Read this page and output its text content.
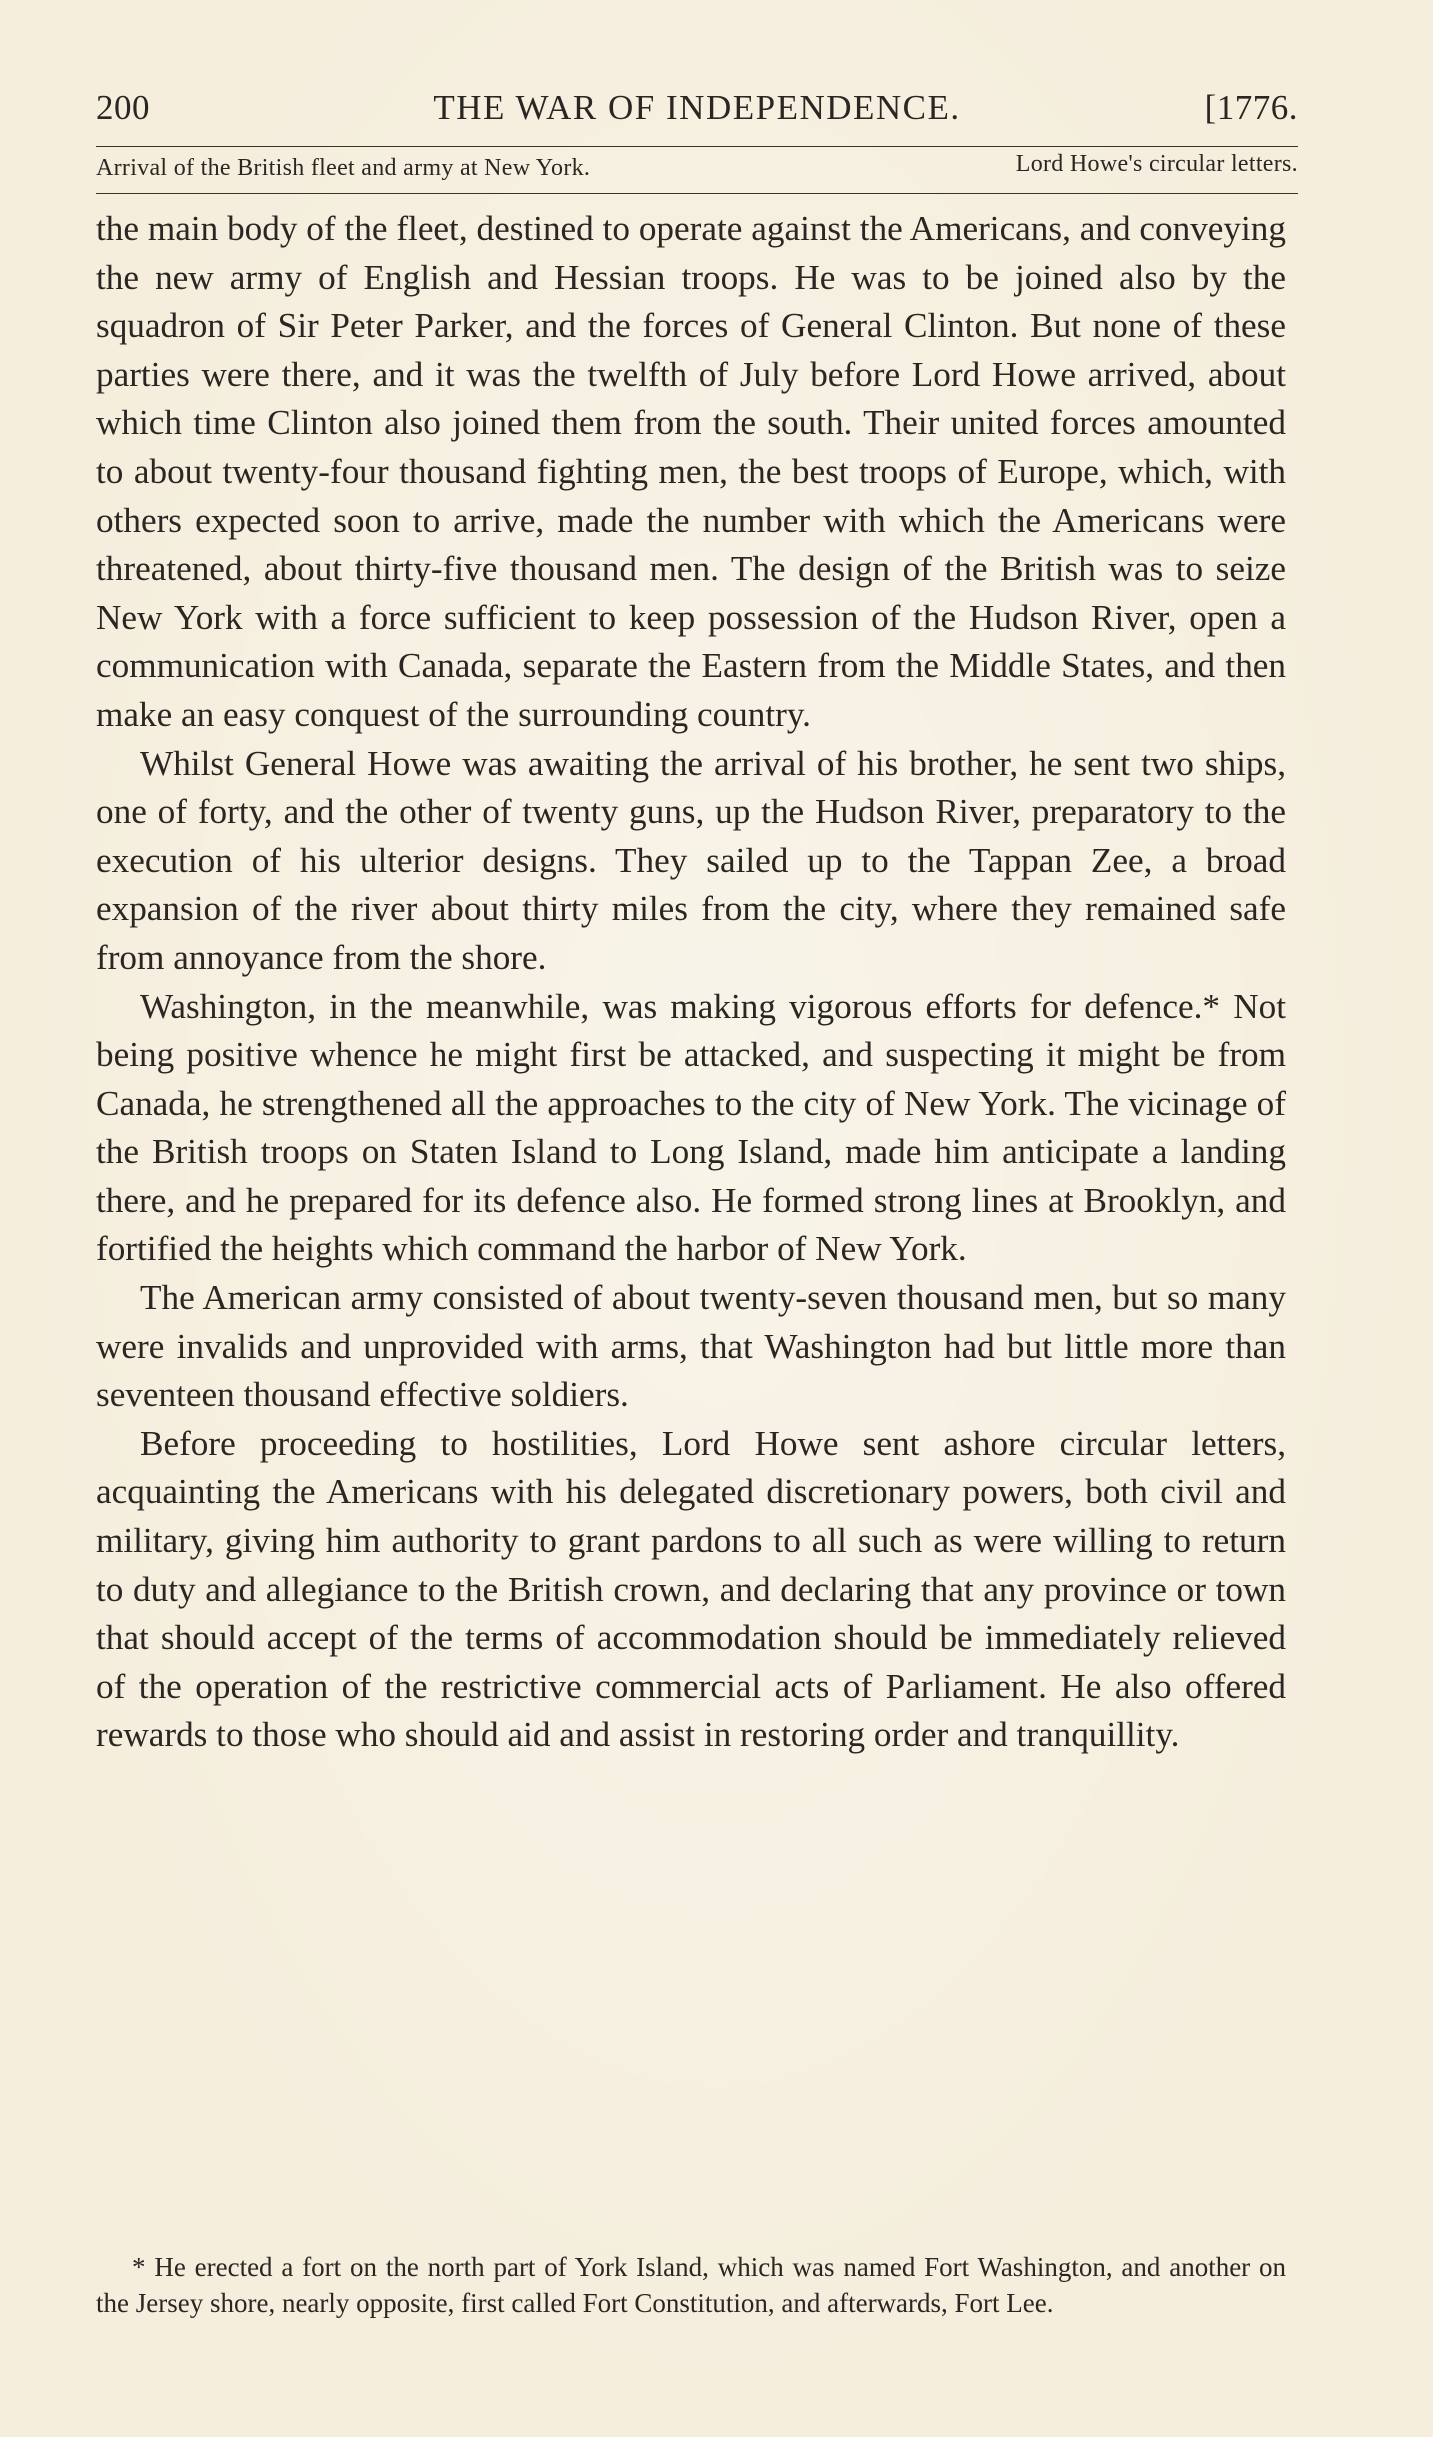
200	THE WAR OF INDEPENDENCE.	[1776.
Arrival of the British fleet and army at New York.	Lord Howe's circular letters.

the main body of the fleet, destined to operate against the Americans, and conveying the new army of English and Hessian troops. He was to be joined also by the squadron of Sir Peter Parker, and the forces of General Clinton. But none of these parties were there, and it was the twelfth of July before Lord Howe arrived, about which time Clinton also joined them from the south. Their united forces amounted to about twenty-four thousand fighting men, the best troops of Europe, which, with others expected soon to arrive, made the number with which the Americans were threatened, about thirty-five thousand men. The design of the British was to seize New York with a force sufficient to keep possession of the Hudson River, open a communication with Canada, separate the Eastern from the Middle States, and then make an easy conquest of the surrounding country.

Whilst General Howe was awaiting the arrival of his brother, he sent two ships, one of forty, and the other of twenty guns, up the Hudson River, preparatory to the execution of his ulterior designs. They sailed up to the Tappan Zee, a broad expansion of the river about thirty miles from the city, where they remained safe from annoyance from the shore.

Washington, in the meanwhile, was making vigorous efforts for defence.* Not being positive whence he might first be attacked, and suspecting it might be from Canada, he strengthened all the approaches to the city of New York. The vicinage of the British troops on Staten Island to Long Island, made him anticipate a landing there, and he prepared for its defence also. He formed strong lines at Brooklyn, and fortified the heights which command the harbor of New York.

The American army consisted of about twenty-seven thousand men, but so many were invalids and unprovided with arms, that Washington had but little more than seventeen thousand effective soldiers.

Before proceeding to hostilities, Lord Howe sent ashore circular letters, acquainting the Americans with his delegated discretionary powers, both civil and military, giving him authority to grant pardons to all such as were willing to return to duty and allegiance to the British crown, and declaring that any province or town that should accept of the terms of accommodation should be immediately relieved of the operation of the restrictive commercial acts of Parliament. He also offered rewards to those who should aid and assist in restoring order and tranquillity.

* He erected a fort on the north part of York Island, which was named Fort Washington, and another on the Jersey shore, nearly opposite, first called Fort Constitution, and afterwards, Fort Lee.
